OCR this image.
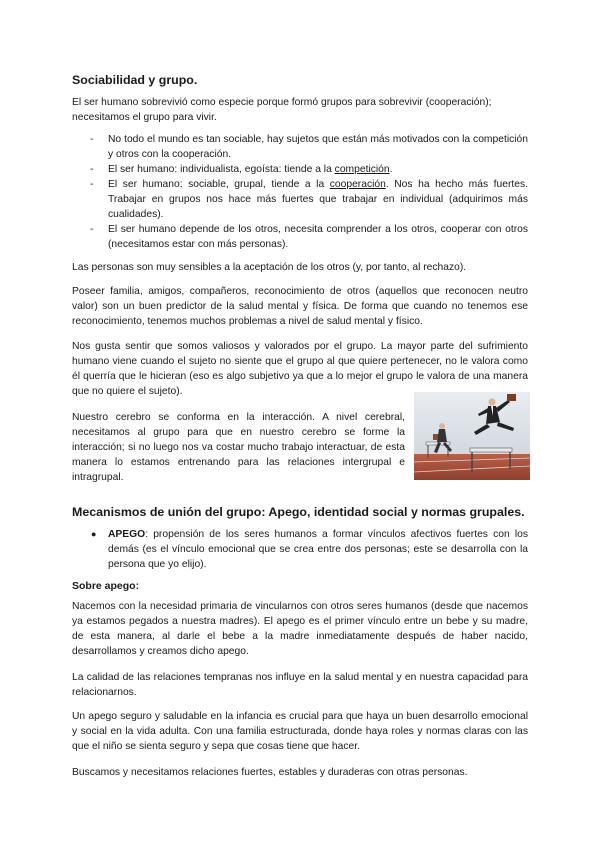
Sociabilidad y grupo.

El ser humano sobrevivió como especie porque formó grupos para sobrevivir (cooperación); necesitamos el grupo para vivir.

- No todo el mundo es tan sociable, hay sujetos que están más motivados con la competición y otros con la cooperación.
- El ser humano: individualista, egoísta: tiende a la competición.
- El ser humano: sociable, grupal, tiende a la cooperación. Nos ha hecho más fuertes. Trabajar en grupos nos hace más fuertes que trabajar en individual (adquirimos más cualidades).
- El ser humano depende de los otros, necesita comprender a los otros, cooperar con otros (necesitamos estar con más personas).

Las personas son muy sensibles a la aceptación de los otros (y, por tanto, al rechazo).

Poseer familia, amigos, compañeros, reconocimiento de otros (aquellos que reconocen neutro valor) son un buen predictor de la salud mental y física. De forma que cuando no tenemos ese reconocimiento, tenemos muchos problemas a nivel de salud mental y físico.

Nos gusta sentir que somos valiosos y valorados por el grupo. La mayor parte del sufrimiento humano viene cuando el sujeto no siente que el grupo al que quiere pertenecer, no le valora como él querría que le hicieran (eso es algo subjetivo ya que a lo mejor el grupo le valora de una manera que no quiere el sujeto).

Nuestro cerebro se conforma en la interacción. A nivel cerebral, necesitamos al grupo para que en nuestro cerebro se forme la interacción; si no luego nos va costar mucho trabajo interactuar, de esta manera lo estamos entrenando para las relaciones intergrupal e intragrupal.

Mecanismos de unión del grupo: Apego, identidad social y normas grupales.
● APEGO: propensión de los seres humanos a formar vínculos afectivos fuertes con los demás (es el vínculo emocional que se crea entre dos personas; este se desarrolla con la persona que yo elijo).

Sobre apego:

Nacemos con la necesidad primaria de vincularnos con otros seres humanos (desde que nacemos ya estamos pegados a nuestra madres). El apego es el primer vínculo entre un bebe y su madre, de esta manera, al darle el bebe a la madre inmediatamente después de haber nacido, desarrollamos y creamos dicho apego.

La calidad de las relaciones tempranas nos influye en la salud mental y en nuestra capacidad para relacionarnos.

Un apego seguro y saludable en la infancia es crucial para que haya un buen desarrollo emocional y social en la vida adulta. Con una familia estructurada, donde haya roles y normas claras con las que el niño se sienta seguro y sepa que cosas tiene que hacer.

Buscamos y necesitamos relaciones fuertes, estables y duraderas con otras personas.
